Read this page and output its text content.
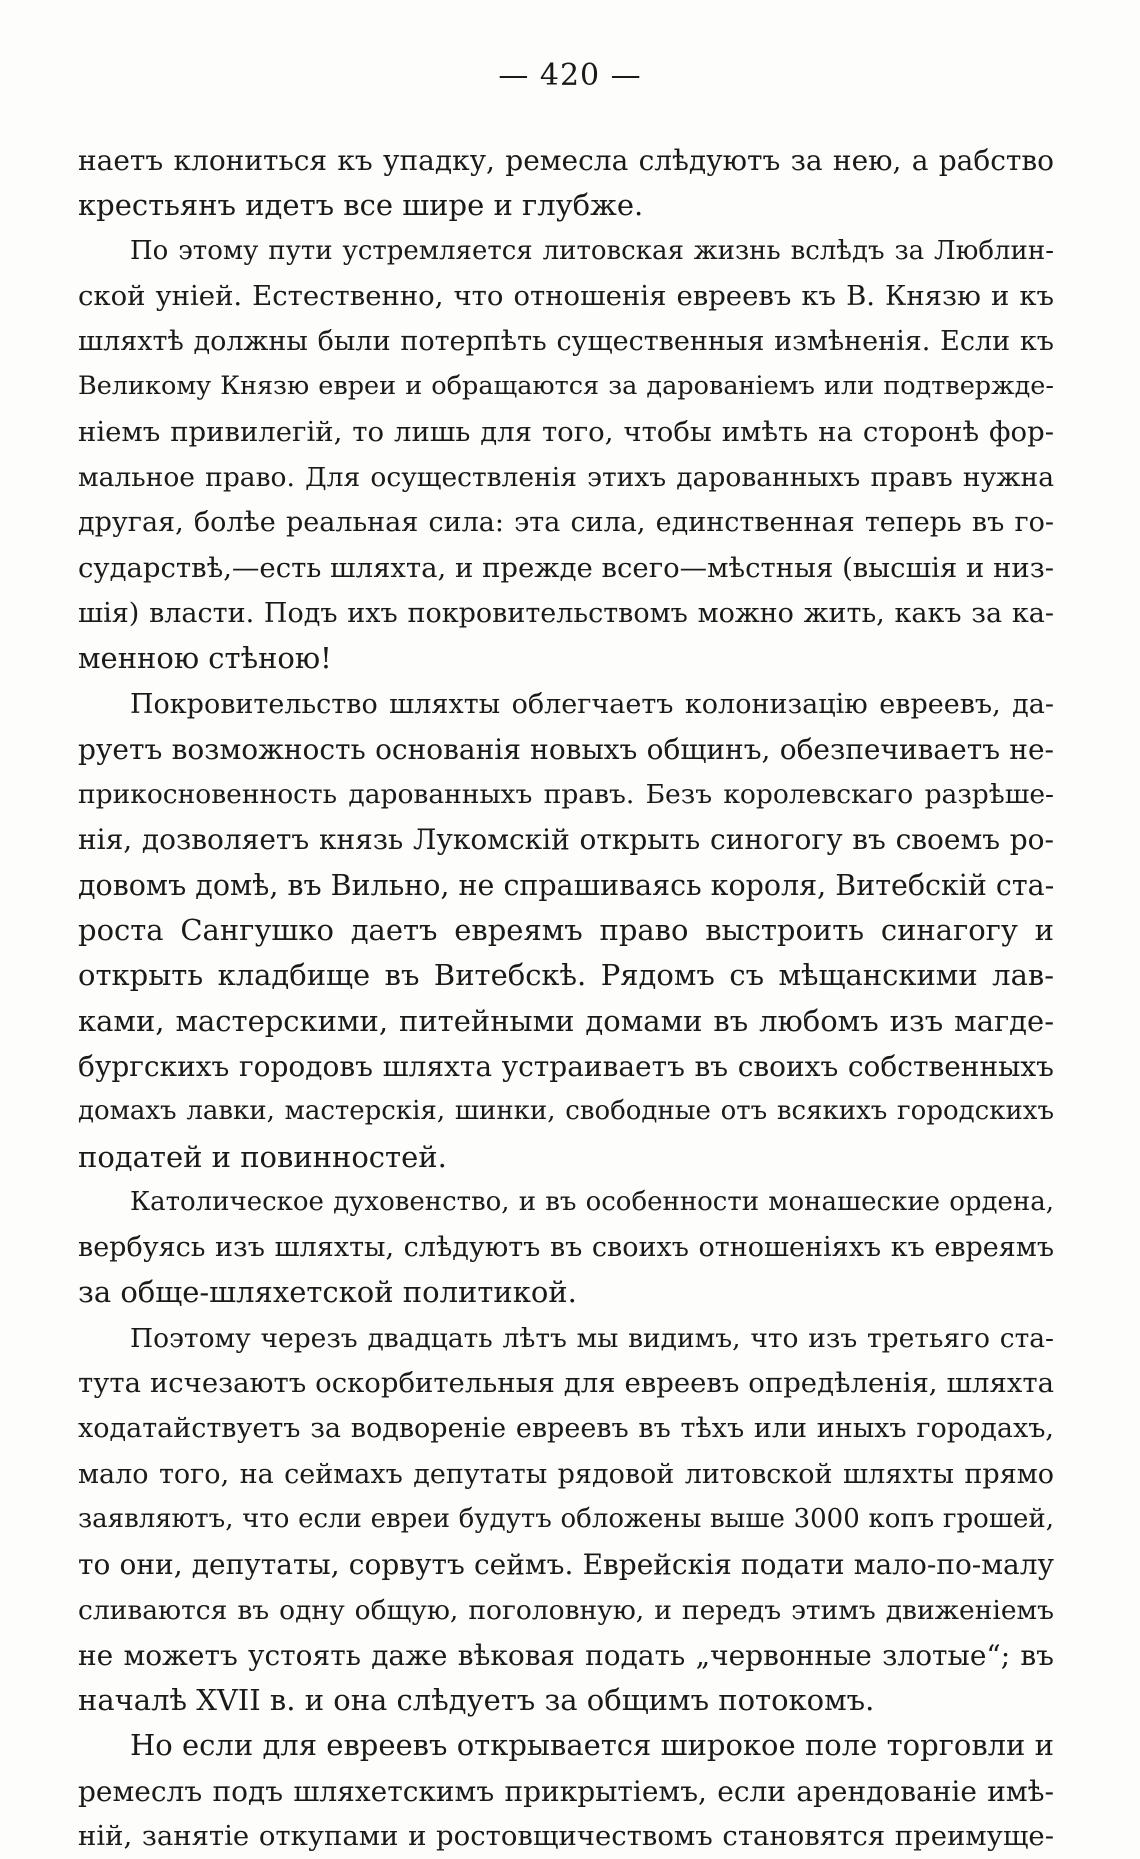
— 420 —
наетъ клониться къ упадку, ремесла слѣдуютъ за нею, а рабство
крестьянъ идетъ все шире и глубже.
По этому пути устремляется литовская жизнь вслѣдъ за Люблин-
ской уніей. Естественно, что отношенія евреевъ къ В. Князю и къ
шляхтѣ должны были потерпѣть существенныя измѣненія. Если къ
Великому Князю евреи и обращаются за дарованіемъ или подтвержде-
ніемъ привилегій, то лишь для того, чтобы имѣть на сторонѣ фор-
мальное право. Для осуществленія этихъ дарованныхъ правъ нужна
другая, болѣе реальная сила: эта сила, единственная теперь въ го-
сударствѣ,—есть шляхта, и прежде всего—мѣстныя (высшія и низ-
шія) власти. Подъ ихъ покровительствомъ можно жить, какъ за ка-
менною стѣною!
Покровительство шляхты облегчаетъ колонизацію евреевъ, да-
руетъ возможность основанія новыхъ общинъ, обезпечиваетъ не-
прикосновенность дарованныхъ правъ. Безъ королевскаго разрѣше-
нія, дозволяетъ князь Лукомскій открыть синогогу въ своемъ ро-
довомъ домѣ, въ Вильно, не спрашиваясь короля, Витебскій ста-
роста Сангушко даетъ евреямъ право выстроить синагогу и
открыть кладбище въ Витебскѣ. Рядомъ съ мѣщанскими лав-
ками, мастерскими, питейными домами въ любомъ изъ магде-
бургскихъ городовъ шляхта устраиваетъ въ своихъ собственныхъ
домахъ лавки, мастерскія, шинки, свободные отъ всякихъ городскихъ
податей и повинностей.
Католическое духовенство, и въ особенности монашеские ордена,
вербуясь изъ шляхты, слѣдуютъ въ своихъ отношеніяхъ къ евреямъ
за обще-шляхетской политикой.
Поэтому черезъ двадцать лѣтъ мы видимъ, что изъ третьяго ста-
тута исчезаютъ оскорбительныя для евреевъ опредѣленія, шляхта
ходатайствуетъ за водвореніе евреевъ въ тѣхъ или иныхъ городахъ,
мало того, на сеймахъ депутаты рядовой литовской шляхты прямо
заявляютъ, что если евреи будутъ обложены выше 3000 копъ грошей,
то они, депутаты, сорвутъ сеймъ. Еврейскія подати мало-по-малу
сливаются въ одну общую, поголовную, и передъ этимъ движеніемъ
не можетъ устоять даже вѣковая подать „червонные злотые“; въ
началѣ XVII в. и она слѣдуетъ за общимъ потокомъ.
Но если для евреевъ открывается широкое поле торговли и
ремеслъ подъ шляхетскимъ прикрытіемъ, если арендованіе имѣ-
ній, занятіе откупами и ростовщичествомъ становятся преимуще-
